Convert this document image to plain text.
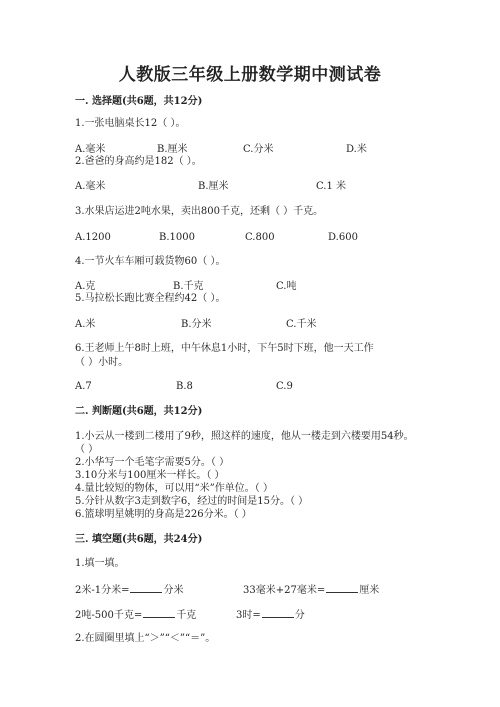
人教版三年级上册数学期中测试卷
一. 选择题(共6题，共12分)
1.一张电脑桌长12（ ）。
A.毫米	B.厘米	C.分米	D.米
2.爸爸的身高约是182（ ）。
A.毫米	B.厘米	C.1 米
3.水果店运进2吨水果，卖出800千克，还剩（ ）千克。
A.1200	B.1000	C.800	D.600
4.一节火车车厢可载货物60（ ）。
A.克	B.千克	C.吨
5.马拉松长跑比赛全程约42（ ）。
A.米	B.分米	C.千米
6.王老师上午8时上班，中午休息1小时，下午5时下班，他一天工作
（ ）小时。
A.7	B.8	C.9
二. 判断题(共6题，共12分)
1.小云从一楼到二楼用了9秒，照这样的速度，他从一楼走到六楼要用54秒。
（ ）
2.小华写一个毛笔字需要5分。（ ）
3.10分米与100厘米一样长。（ ）
4.量比较短的物体，可以用“米”作单位。（ ）
5.分针从数字3走到数字6，经过的时间是15分。（ ）
6.篮球明星姚明的身高是226分米。（ ）
三. 填空题(共6题，共24分)
1.填一填。
2米-1分米=	分米	33毫米+27毫米=	厘米
2吨-500千克=	千克	3时=	分
2.在圆圈里填上“＞”“＜”“＝”。
